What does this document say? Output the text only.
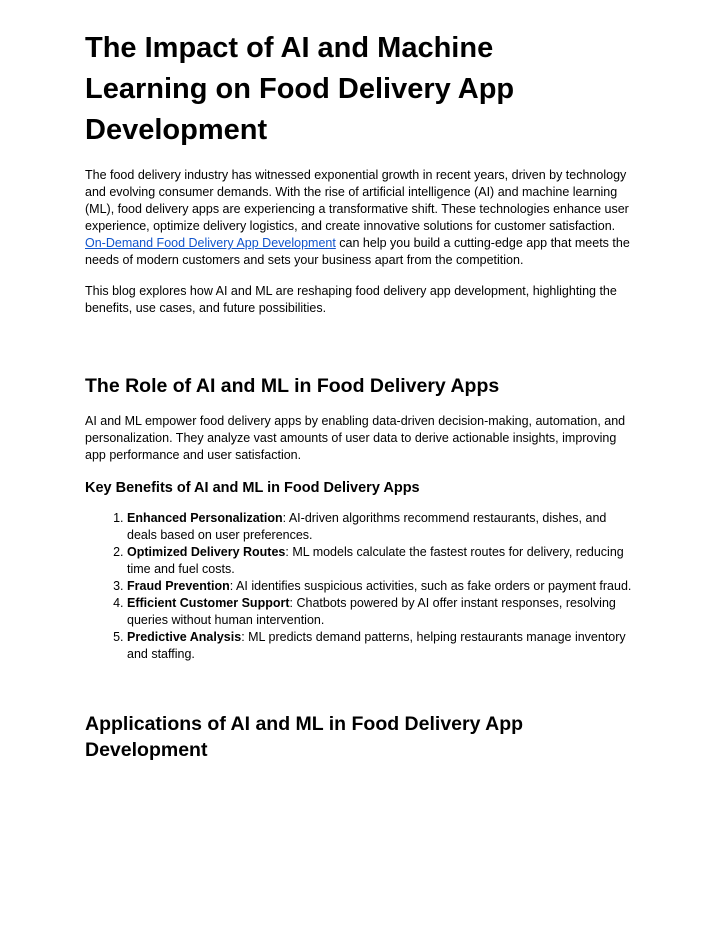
The Impact of AI and Machine Learning on Food Delivery App Development

The food delivery industry has witnessed exponential growth in recent years, driven by technology and evolving consumer demands. With the rise of artificial intelligence (AI) and machine learning (ML), food delivery apps are experiencing a transformative shift. These technologies enhance user experience, optimize delivery logistics, and create innovative solutions for customer satisfaction. On-Demand Food Delivery App Development can help you build a cutting-edge app that meets the needs of modern customers and sets your business apart from the competition.

This blog explores how AI and ML are reshaping food delivery app development, highlighting the benefits, use cases, and future possibilities.

The Role of AI and ML in Food Delivery Apps

AI and ML empower food delivery apps by enabling data-driven decision-making, automation, and personalization. They analyze vast amounts of user data to derive actionable insights, improving app performance and user satisfaction.

Key Benefits of AI and ML in Food Delivery Apps
1. Enhanced Personalization: AI-driven algorithms recommend restaurants, dishes, and deals based on user preferences.
2. Optimized Delivery Routes: ML models calculate the fastest routes for delivery, reducing time and fuel costs.
3. Fraud Prevention: AI identifies suspicious activities, such as fake orders or payment fraud.
4. Efficient Customer Support: Chatbots powered by AI offer instant responses, resolving queries without human intervention.
5. Predictive Analysis: ML predicts demand patterns, helping restaurants manage inventory and staffing.
Applications of AI and ML in Food Delivery App Development
